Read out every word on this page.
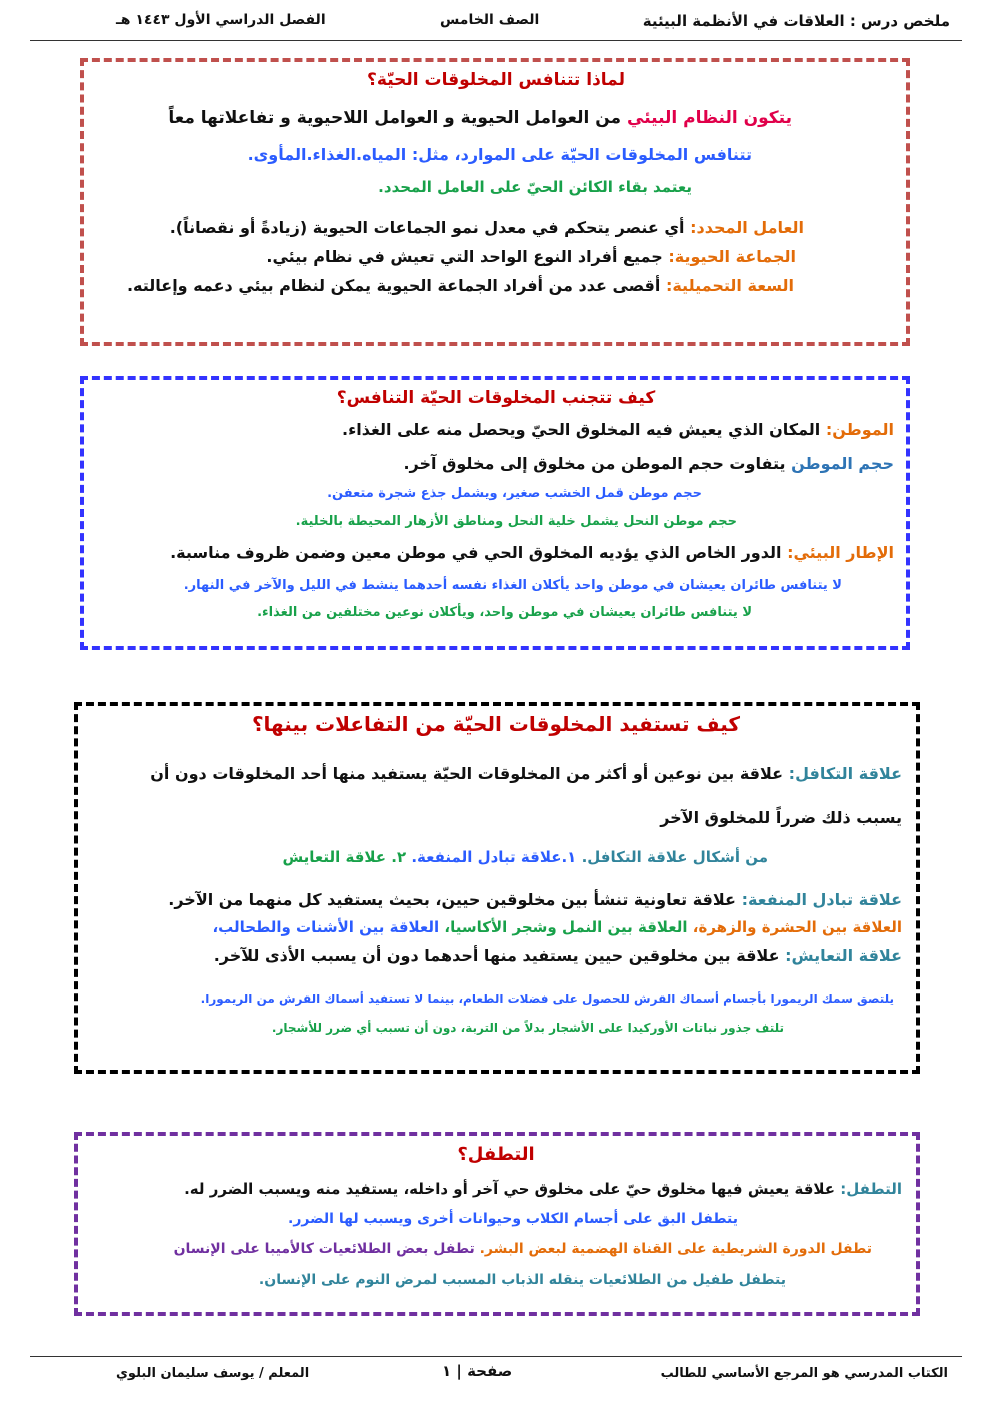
ملخص درس : العلاقات في الأنظمة البيئية
الصف الخامس
الفصل الدراسي الأول ١٤٤٣ هـ
لماذا تتنافس المخلوقات الحيّة؟
يتكون النظام البيئي من العوامل الحيوية و العوامل اللاحيوية و تفاعلاتها معاً
تتنافس المخلوقات الحيّة على الموارد، مثل: المياه.الغذاء.المأوى.
يعتمد بقاء الكائن الحيّ على العامل المحدد.
العامل المحدد: أي عنصر يتحكم في معدل نمو الجماعات الحيوية (زيادةً أو نقصاناً).
الجماعة الحيوية: جميع أفراد النوع الواحد التي تعيش في نظام بيئي.
السعة التحميلية: أقصى عدد من أفراد الجماعة الحيوية يمكن لنظام بيئي دعمه وإعالته.
كيف تتجنب المخلوقات الحيّة التنافس؟
الموطن: المكان الذي يعيش فيه المخلوق الحيّ ويحصل منه على الغذاء.
حجم الموطن يتفاوت حجم الموطن من مخلوق إلى مخلوق آخر.
حجم موطن قمل الخشب صغير، ويشمل جذع شجرة متعفن.
حجم موطن النحل يشمل خلية النحل ومناطق الأزهار المحيطة بالخلية.
الإطار البيئي: الدور الخاص الذي يؤديه المخلوق الحي في موطن معين وضمن ظروف مناسبة.
لا يتنافس طائران يعيشان في موطن واحد يأكلان الغذاء نفسه أحدهما ينشط في الليل والآخر في النهار.
لا يتنافس طائران يعيشان في موطن واحد، ويأكلان نوعين مختلفين من الغذاء.
كيف تستفيد المخلوقات الحيّة من التفاعلات بينها؟
علاقة التكافل: علاقة بين نوعين أو أكثر من المخلوقات الحيّة يستفيد منها أحد المخلوقات دون أن
يسبب ذلك ضرراً للمخلوق الآخر
من أشكال علاقة التكافل. ١.علاقة تبادل المنفعة. ٢. علاقة التعايش
علاقة تبادل المنفعة: علاقة تعاونية تنشأ بين مخلوقين حيين، بحيث يستفيد كل منهما من الآخر.
العلاقة بين الحشرة والزهرة، العلاقة بين النمل وشجر الأكاسيا، العلاقة بين الأشنات والطحالب،
علاقة التعايش: علاقة بين مخلوقين حيين يستفيد منها أحدهما دون أن يسبب الأذى للآخر.
يلتصق سمك الريمورا بأجسام أسماك القرش للحصول على فضلات الطعام، بينما لا تستفيد أسماك القرش من الريمورا.
تلتف جذور نباتات الأوركيدا على الأشجار بدلاً من التربة، دون أن تسبب أي ضرر للأشجار.
التطفل؟
التطفل: علاقة يعيش فيها مخلوق حيّ على مخلوق حي آخر أو داخله، يستفيد منه ويسبب الضرر له.
يتطفل البق على أجسام الكلاب وحيوانات أخرى ويسبب لها الضرر.
تطفل الدورة الشريطية على القناة الهضمية لبعض البشر. تطفل بعض الطلائعيات كالأميبا على الإنسان
يتطفل طفيل من الطلائعيات ينقله الذباب المسبب لمرض النوم على الإنسان.
الكتاب المدرسي هو المرجع الأساسي للطالب
صفحة | ١
المعلم / يوسف سليمان البلوي
